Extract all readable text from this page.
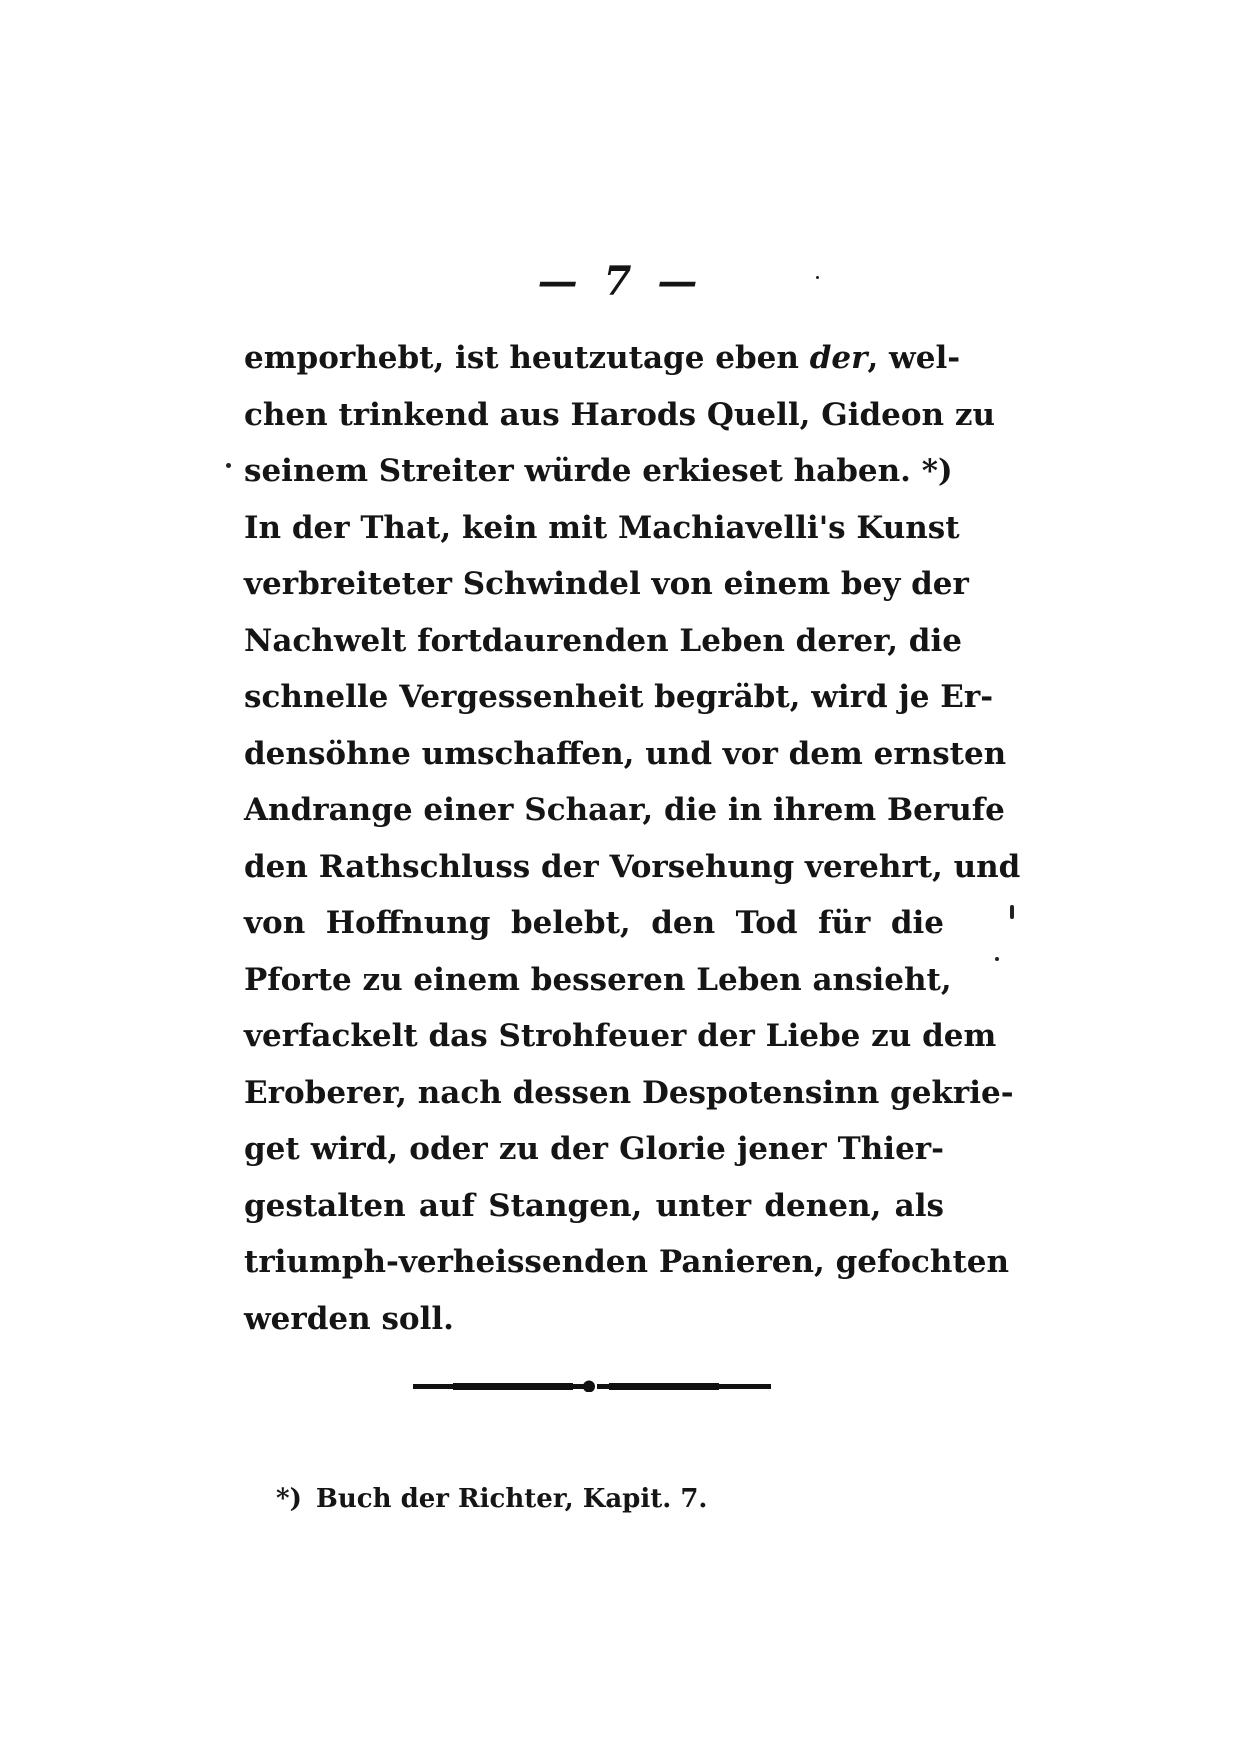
— 7 —
emporhebt, ist heutzutage eben der, wel-
chen trinkend aus Harods Quell, Gideon zu
seinem Streiter würde erkieset haben. *)
In der That, kein mit Machiavelli's Kunst
verbreiteter Schwindel von einem bey der
Nachwelt fortdaurenden Leben derer, die
schnelle Vergessenheit begräbt, wird je Er-
densöhne umschaffen, und vor dem ernsten
Andrange einer Schaar, die in ihrem Berufe
den Rathschluss der Vorsehung verehrt, und
von Hoffnung belebt, den Tod für die
Pforte zu einem besseren Leben ansieht,
verfackelt das Strohfeuer der Liebe zu dem
Eroberer, nach dessen Despotensinn gekrie-
get wird, oder zu der Glorie jener Thier-
gestalten auf Stangen, unter denen, als
triumph-verheissenden Panieren, gefochten
werden soll.
*) Buch der Richter, Kapit. 7.
